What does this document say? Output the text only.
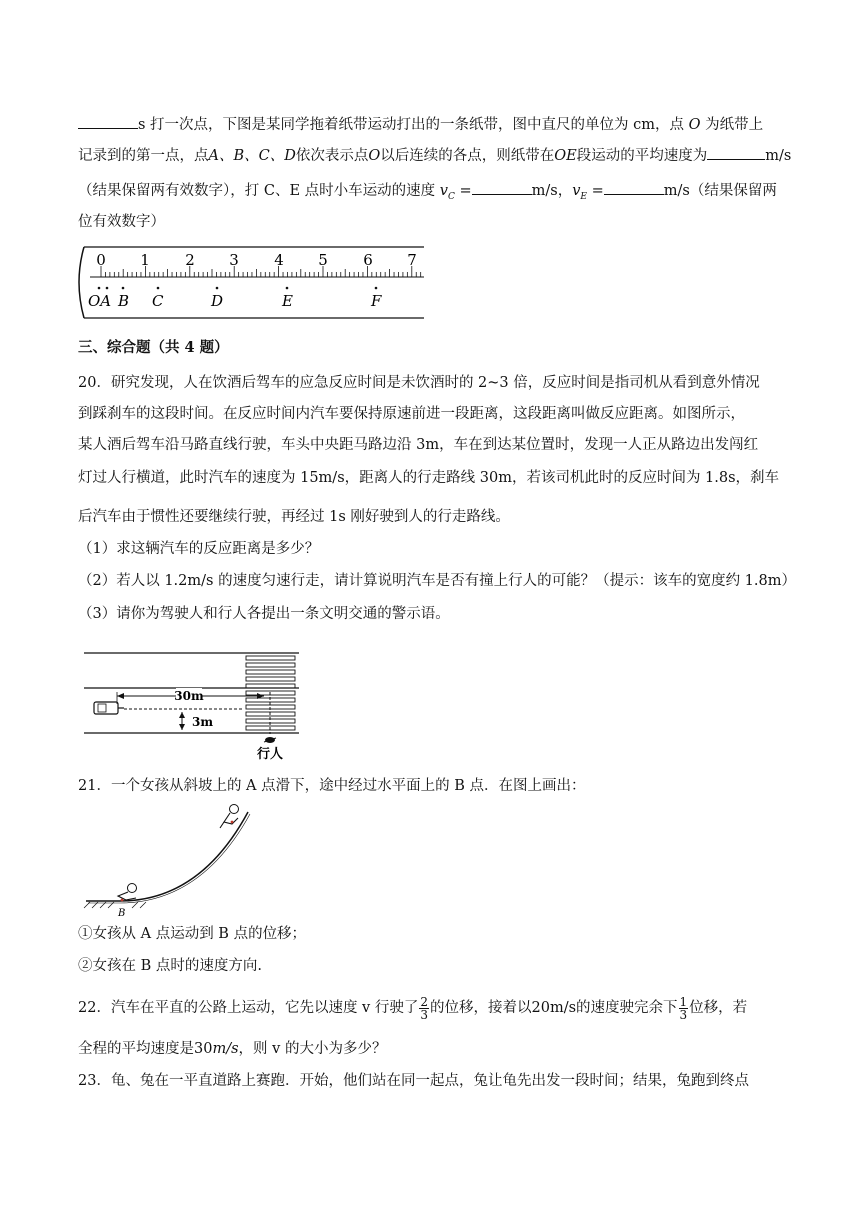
s 打一次点，下图是某同学拖着纸带运动打出的一条纸带，图中直尺的单位为 cm，点 O 为纸带上
记录到的第一点，点A、B、C、D依次表示点O以后连续的各点，则纸带在OE段运动的平均速度为	m/s
（结果保留两有效数字），打 C、E 点时小车运动的速度 $v_C$ =	m/s，$v_E$ =	m/s（结果保留两
位有效数字）
0 1 2 3 4 5 6 7
OA B C	D	E	F
三、综合题（共 4 题）
20．研究发现，人在饮酒后驾车的应急反应时间是未饮酒时的 2~3 倍，反应时间是指司机从看到意外情况
到踩刹车的这段时间。在反应时间内汽车要保持原速前进一段距离，这段距离叫做反应距离。如图所示，
某人酒后驾车沿马路直线行驶，车头中央距马路边沿 3m，车在到达某位置时，发现一人正从路边出发闯红
灯过人行横道，此时汽车的速度为 15m/s，距离人的行走路线 30m，若该司机此时的反应时间为 1.8s，刹车
后汽车由于惯性还要继续行驶，再经过 1s 刚好驶到人的行走路线。
（1）求这辆汽车的反应距离是多少？
（2）若人以 1.2m/s 的速度匀速行走，请计算说明汽车是否有撞上行人的可能？（提示：该车的宽度约 1.8m）
（3）请你为驾驶人和行人各提出一条文明交通的警示语。
30m
3m
行人
21．一个女孩从斜坡上的 A 点滑下，途中经过水平面上的 B 点．在图上画出：
B
①女孩从 A 点运动到 B 点的位移；
②女孩在 B 点时的速度方向.
22．汽车在平直的公路上运动，它先以速度 v 行驶了 $\frac{2}{3}$ 的位移，接着以20m/s的速度驶完余下 $\frac{1}{3}$ 位移，若
全程的平均速度是30m/s，则 v 的大小为多少？
23．龟、兔在一平直道路上赛跑．开始，他们站在同一起点，兔让龟先出发一段时间；结果，兔跑到终点
